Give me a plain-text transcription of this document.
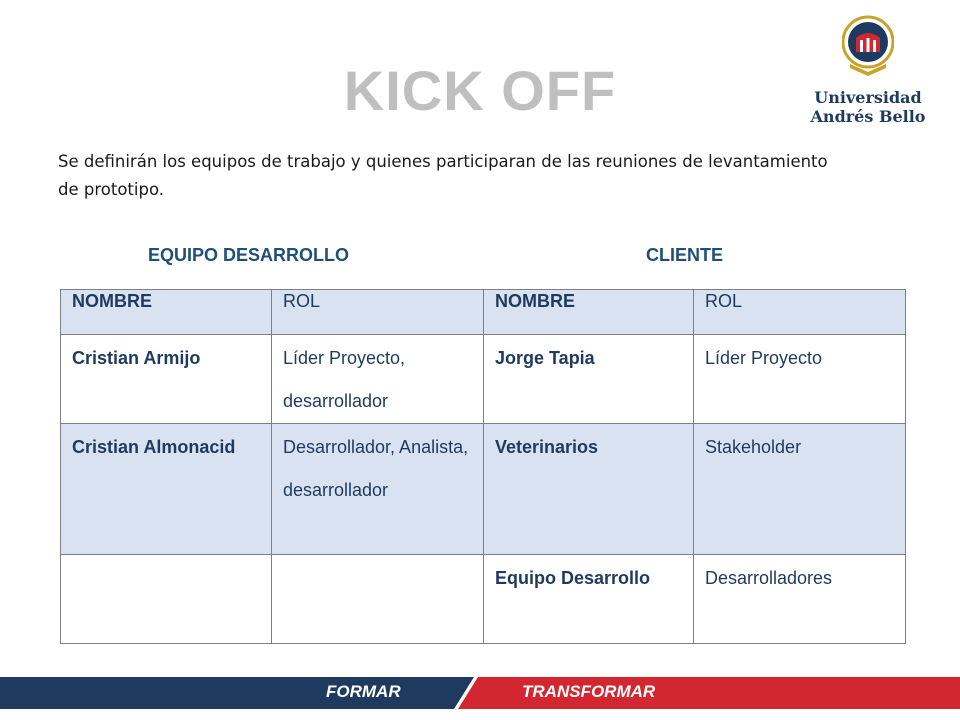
KICK OFF	Universidad
Andrés Bello
Se definirán los equipos de trabajo y quienes participaran de las reuniones de levantamiento de prototipo.
EQUIPO DESARROLLO	CLIENTE
NOMBRE	ROL	NOMBRE	ROL
Cristian Armijo	Líder Proyecto, desarrollador	Jorge Tapia	Líder Proyecto
Cristian Almonacid	Desarrollador, Analista, desarrollador	Veterinarios	Stakeholder
		Equipo Desarrollo	Desarrolladores
FORMAR	TRANSFORMAR
